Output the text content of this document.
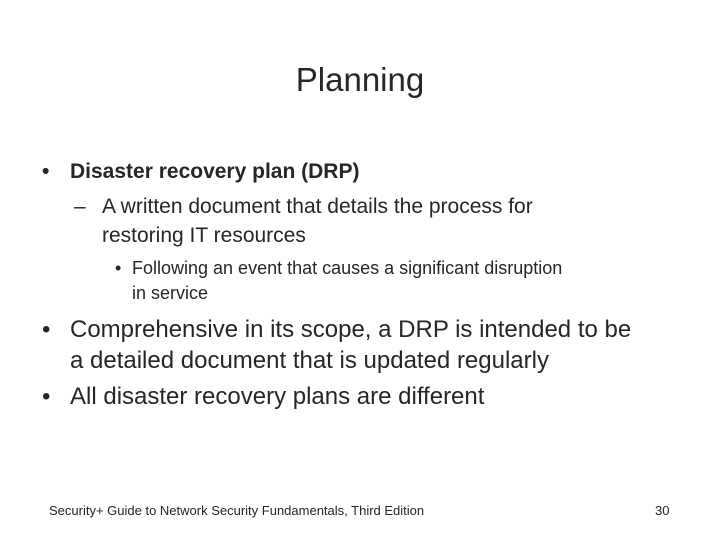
Planning
• Disaster recovery plan (DRP)
– A written document that details the process for
restoring IT resources
• Following an event that causes a significant disruption
in service
• Comprehensive in its scope, a DRP is intended to be
a detailed document that is updated regularly
• All disaster recovery plans are different
Security+ Guide to Network Security Fundamentals, Third Edition	30
